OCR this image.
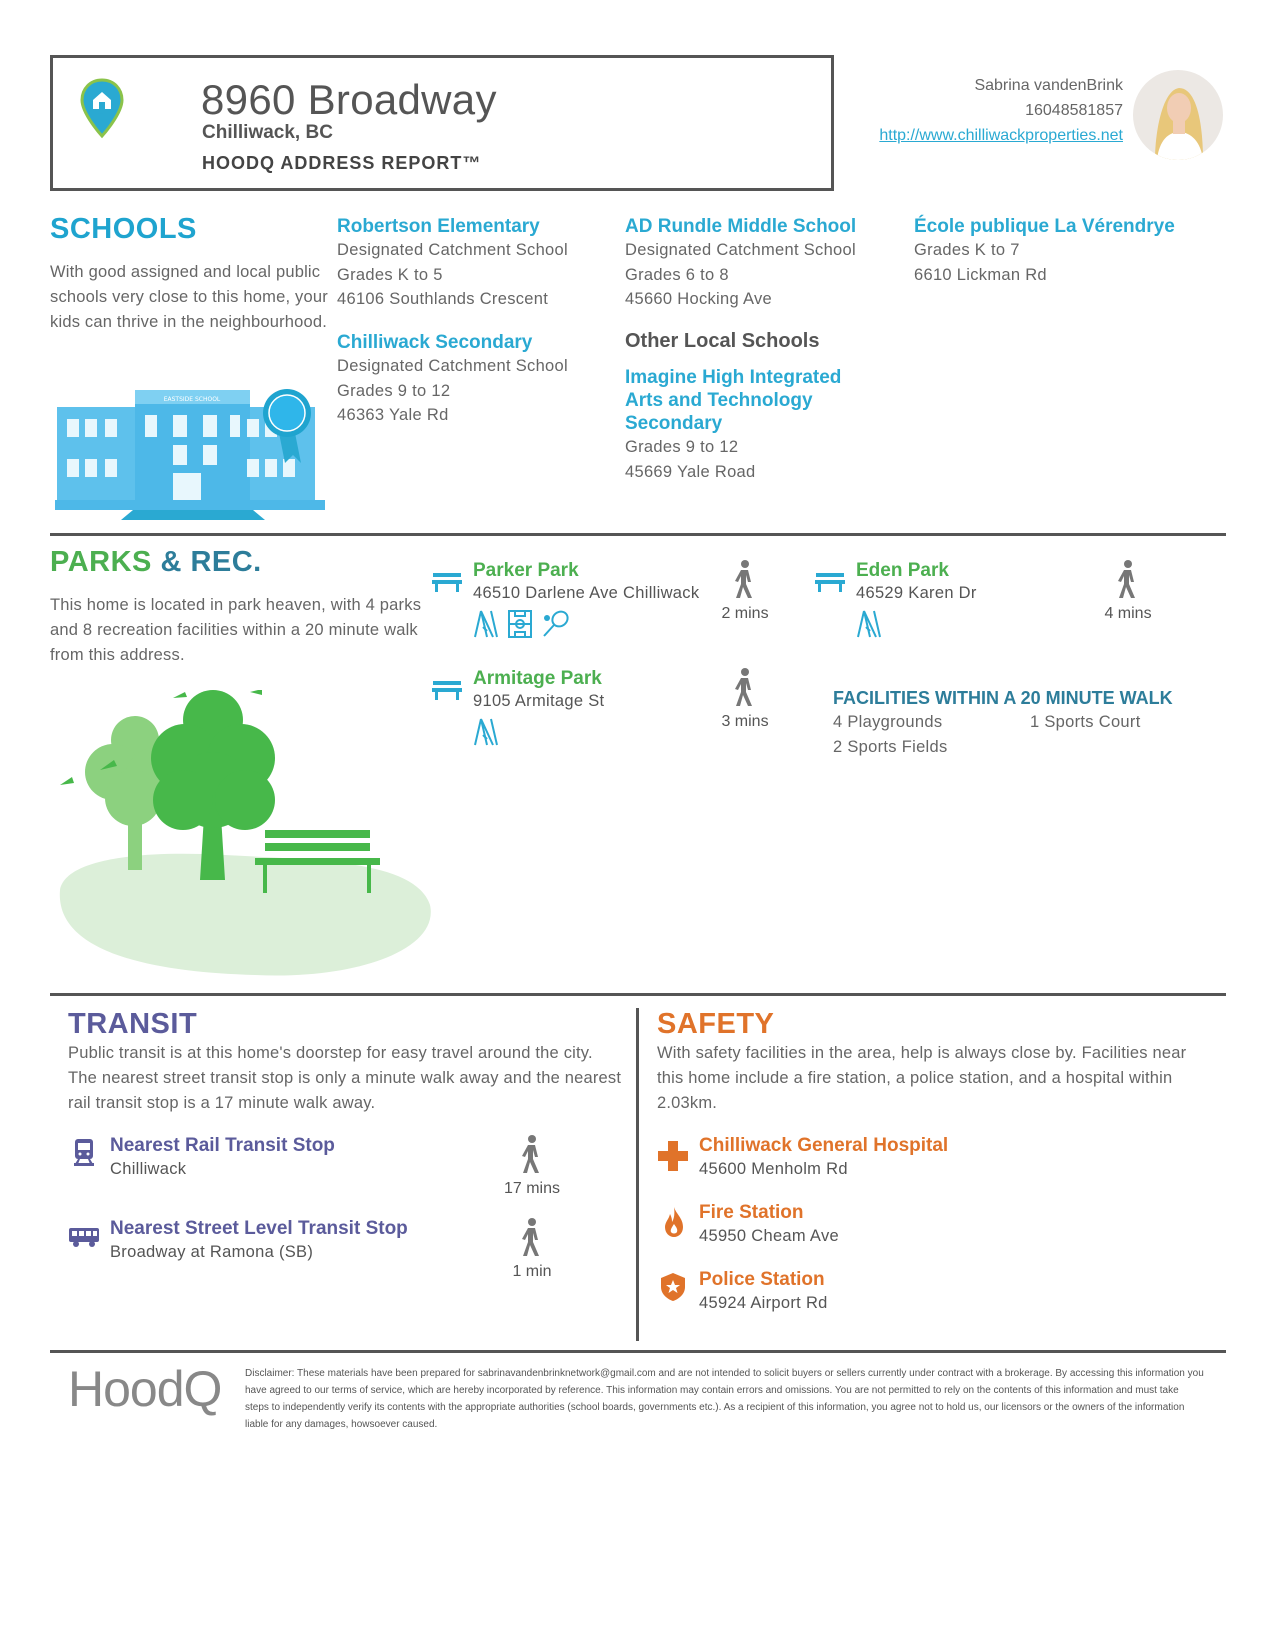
8960 Broadway
Chilliwack, BC
HOODQ ADDRESS REPORT™
Sabrina vandenBrink
16048581857
http://www.chilliwackproperties.net
SCHOOLS
With good assigned and local public schools very close to this home, your kids can thrive in the neighbourhood.
EASTSIDE SCHOOL
Robertson Elementary
Designated Catchment School
Grades K to 5
46106 Southlands Crescent
Chilliwack Secondary
Designated Catchment School
Grades 9 to 12
46363 Yale Rd
AD Rundle Middle School
Designated Catchment School
Grades 6 to 8
45660 Hocking Ave
École publique La Vérendrye
Grades K to 7
6610 Lickman Rd
Other Local Schools
Imagine High Integrated Arts and Technology Secondary
Grades 9 to 12
45669 Yale Road
PARKS & REC.
This home is located in park heaven, with 4 parks and 8 recreation facilities within a 20 minute walk from this address.
Parker Park
46510 Darlene Ave Chilliwack
2 mins
Eden Park
46529 Karen Dr
4 mins
Armitage Park
9105 Armitage St
3 mins
FACILITIES WITHIN A 20 MINUTE WALK
4 Playgrounds	1 Sports Court
2 Sports Fields
TRANSIT
Public transit is at this home's doorstep for easy travel around the city. The nearest street transit stop is only a minute walk away and the nearest rail transit stop is a 17 minute walk away.
Nearest Rail Transit Stop
Chilliwack
17 mins
Nearest Street Level Transit Stop
Broadway at Ramona (SB)
1 min
SAFETY
With safety facilities in the area, help is always close by. Facilities near this home include a fire station, a police station, and a hospital within 2.03km.
Chilliwack General Hospital
45600 Menholm Rd
Fire Station
45950 Cheam Ave
Police Station
45924 Airport Rd
HoodQ Disclaimer: These materials have been prepared for sabrinavandenbrinknetwork@gmail.com and are not intended to solicit buyers or sellers currently under contract with a brokerage. By accessing this information you have agreed to our terms of service, which are hereby incorporated by reference. This information may contain errors and omissions. You are not permitted to rely on the contents of this information and must take steps to independently verify its contents with the appropriate authorities (school boards, governments etc.). As a recipient of this information, you agree not to hold us, our licensors or the owners of the information liable for any damages, howsoever caused.
